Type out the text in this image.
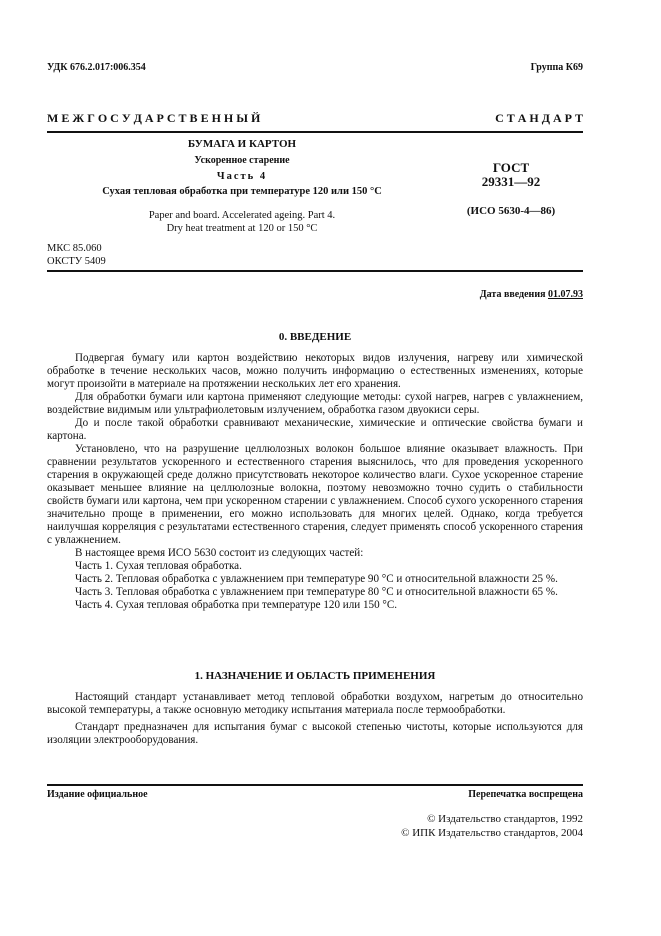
УДК 676.2.017:006.354	Группа К69
М Е Ж Г О С У Д А Р С Т В Е Н Н Ы Й	С Т А Н Д А Р Т
БУМАГА И КАРТОН
Ускоренное старение
Часть 4
Сухая тепловая обработка при температуре 120 или 150 °С
Paper and board. Accelerated ageing. Part 4.
Dry heat treatment at 120 or 150 °C
ГОСТ
29331—92
(ИСО 5630-4—86)
МКС 85.060
ОКСТУ 5409
Дата введения 01.07.93
0. ВВЕДЕНИЕ

Подвергая бумагу или картон воздействию некоторых видов излучения, нагреву или химической обработке в течение нескольких часов, можно получить информацию о естественных изменениях, которые могут произойти в материале на протяжении нескольких лет его хранения.

Для обработки бумаги или картона применяют следующие методы: сухой нагрев, нагрев с увлажнением, воздействие видимым или ультрафиолетовым излучением, обработка газом двуокиси серы.

До и после такой обработки сравнивают механические, химические и оптические свойства бумаги и картона.

Установлено, что на разрушение целлюлозных волокон большое влияние оказывает влажность. При сравнении результатов ускоренного и естественного старения выяснилось, что для проведения ускоренного старения в окружающей среде должно присутствовать некоторое количество влаги. Сухое ускоренное старение оказывает меньшее влияние на целлюлозные волокна, поэтому невозможно точно судить о стабильности свойств бумаги или картона, чем при ускоренном старении с увлажнением. Способ сухого ускоренного старения значительно проще в применении, его можно использовать для многих целей. Однако, когда требуется наилучшая корреляция с результатами естественного старения, следует применять способ ускоренного старения с увлажнением.

В настоящее время ИСО 5630 состоит из следующих частей:

Часть 1. Сухая тепловая обработка.

Часть 2. Тепловая обработка с увлажнением при температуре 90 °С и относительной влажности 25 %.

Часть 3. Тепловая обработка с увлажнением при температуре 80 °С и относительной влажности 65 %.

Часть 4. Сухая тепловая обработка при температуре 120 или 150 °С.

1. НАЗНАЧЕНИЕ И ОБЛАСТЬ ПРИМЕНЕНИЯ

Настоящий стандарт устанавливает метод тепловой обработки воздухом, нагретым до относительно высокой температуры, а также основную методику испытания материала после термообработки.

Стандарт предназначен для испытания бумаг с высокой степенью чистоты, которые используются для изоляции электрооборудования.

Издание официальное	Перепечатка воспрещена
© Издательство стандартов, 1992
© ИПК Издательство стандартов, 2004
